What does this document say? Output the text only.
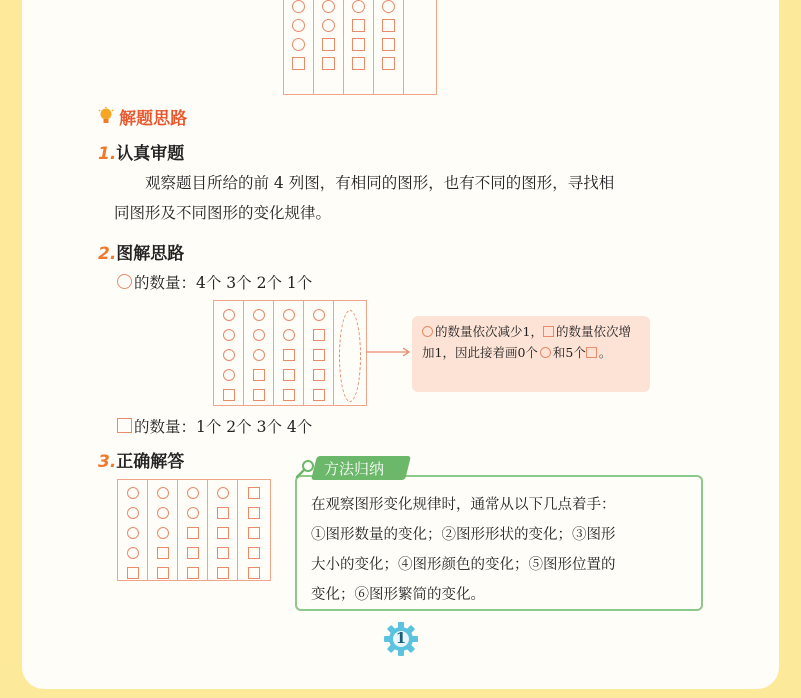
解题思路
1.认真审题
观察题目所给的前 4 列图，有相同的图形，也有不同的图形，寻找相
同图形及不同图形的变化规律。
2.图解思路
的数量：4个 3个 2个 1个
的数量依次减少1， 的数量依次增加1，因此接着画0个 和5个 。
的数量：1个 2个 3个 4个
3.正确解答	方法归纳
在观察图形变化规律时，通常从以下几点着手：
①图形数量的变化；②图形形状的变化；③图形
大小的变化；④图形颜色的变化；⑤图形位置的
变化；⑥图形繁简的变化。
1
